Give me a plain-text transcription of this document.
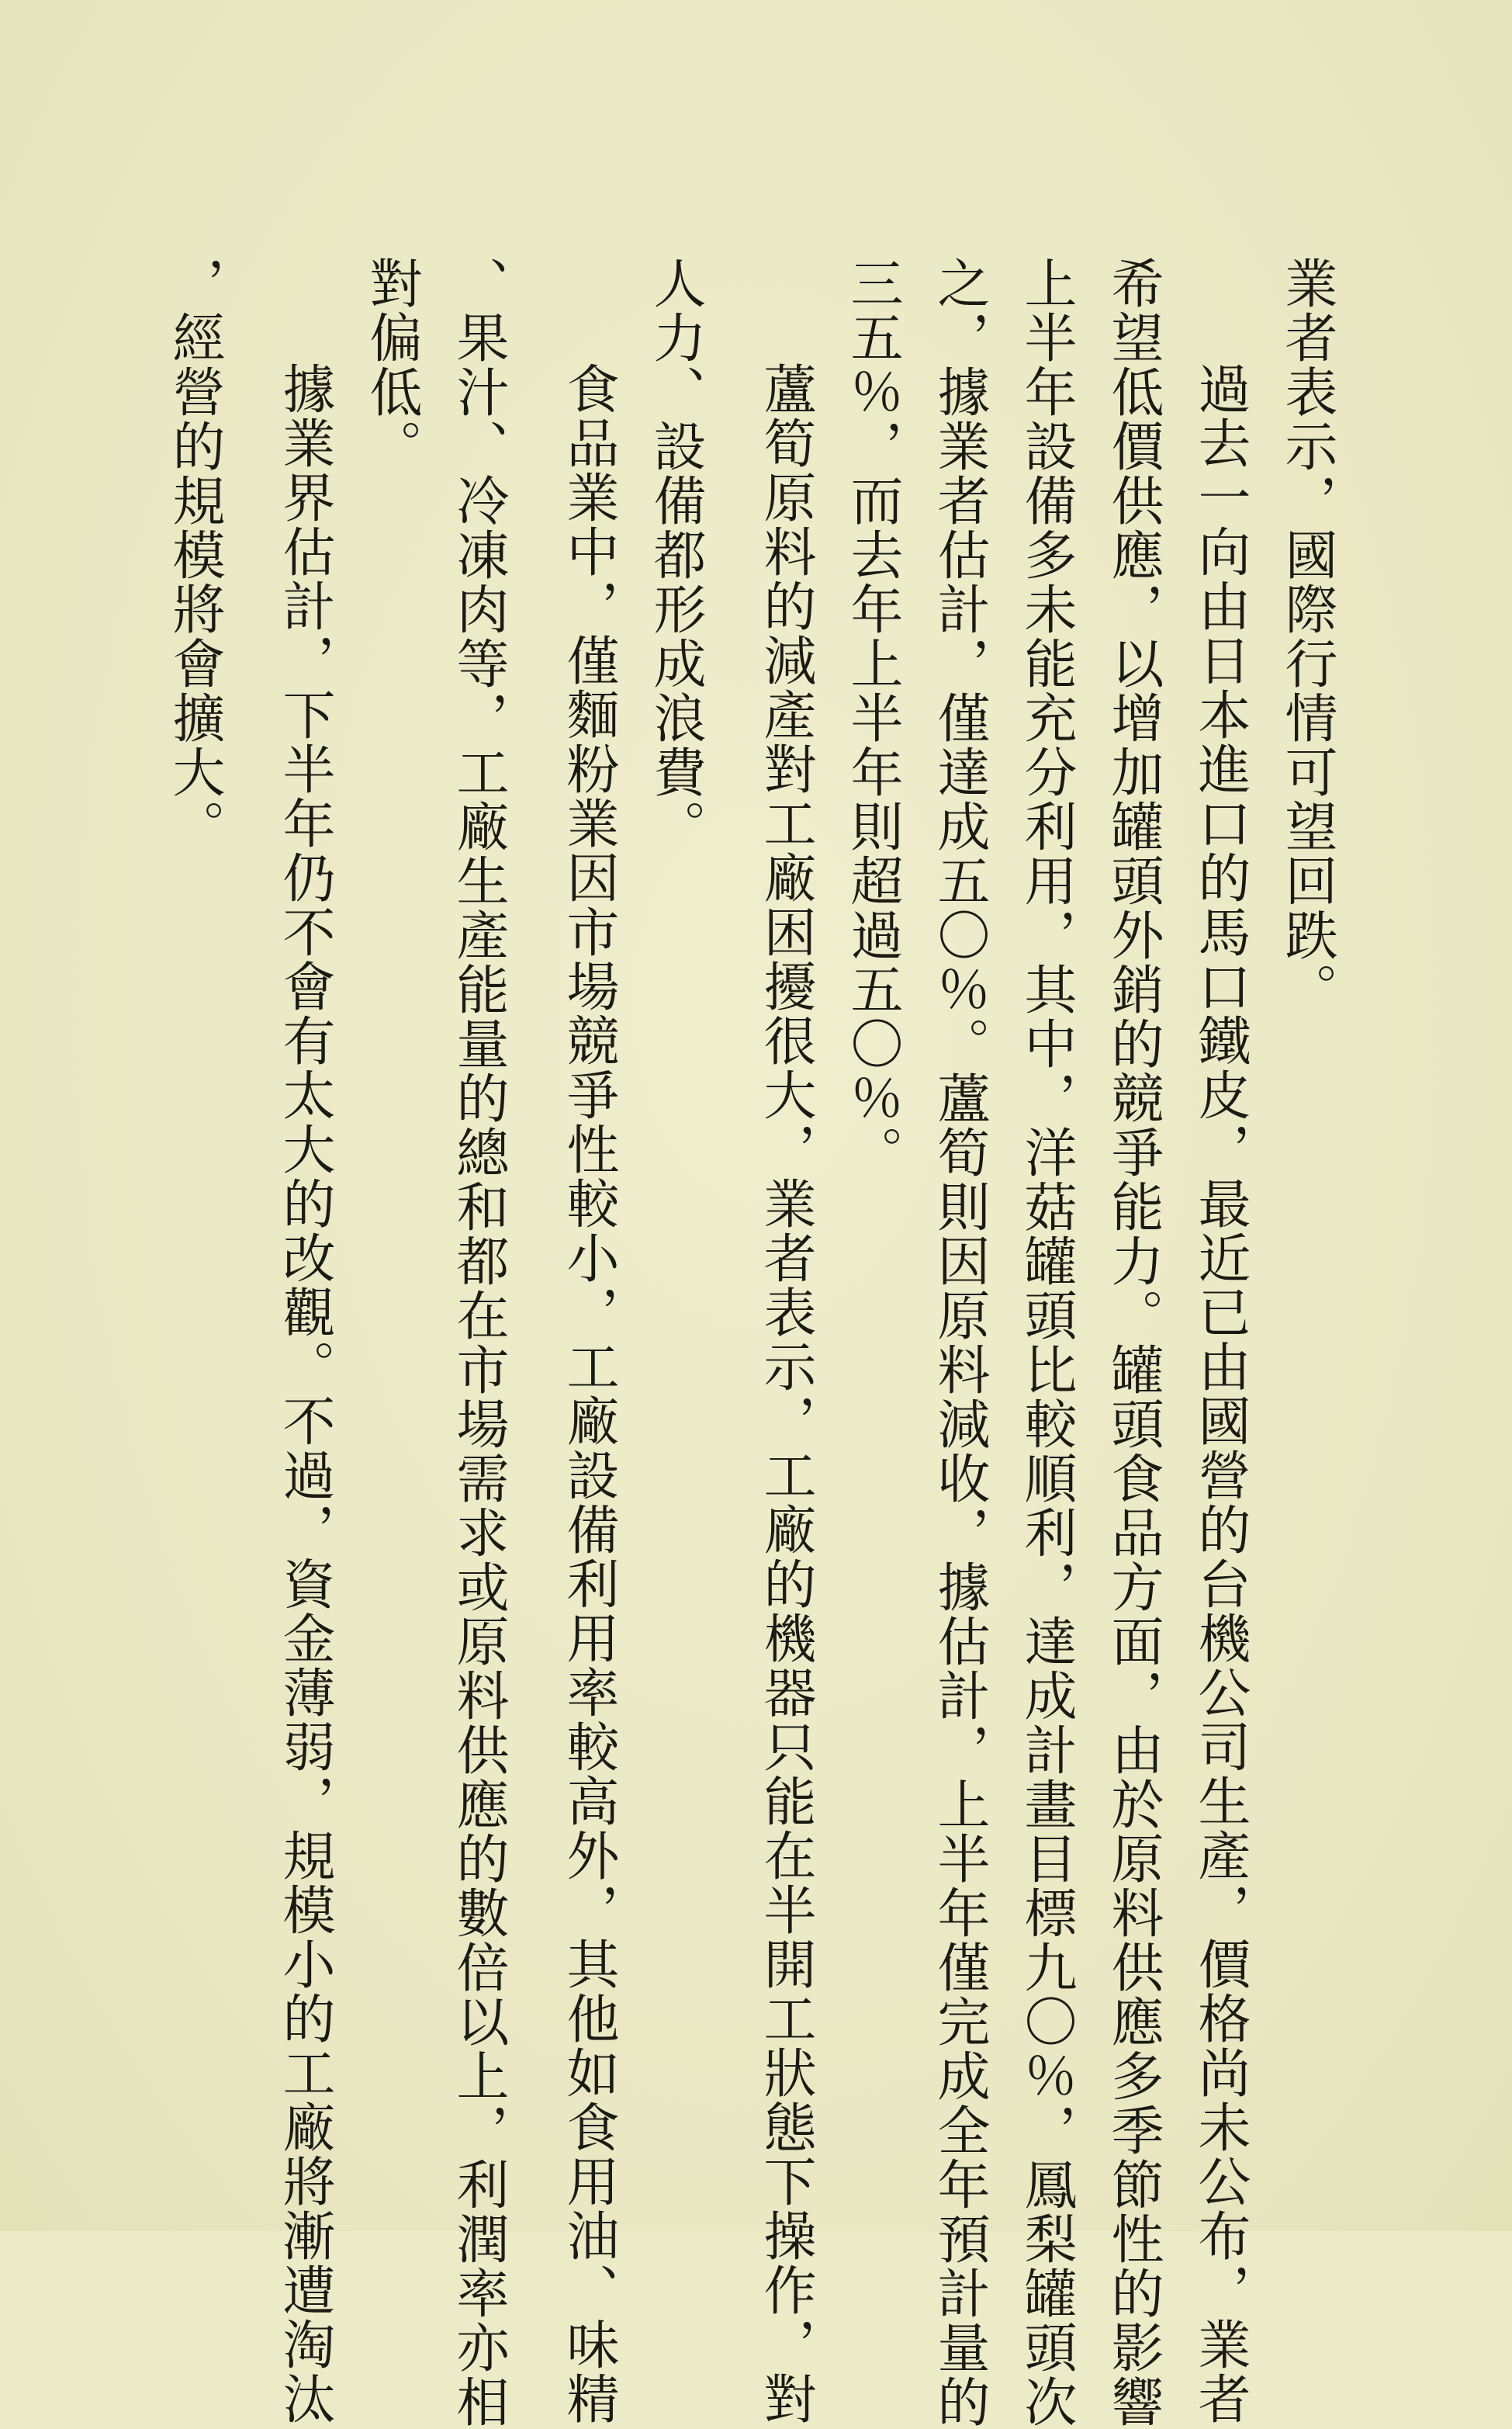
業者表示，國際行情可望回跌。
過去一向由日本進口的馬口鐵皮，最近已由國營的台機公司生產，價格尚未公布，業者
希望低價供應，以增加罐頭外銷的競爭能力。罐頭食品方面，由於原料供應多季節性的影響
上半年設備多未能充分利用，其中，洋菇罐頭比較順利，達成計畫目標九〇％，鳳梨罐頭次
之，據業者估計，僅達成五〇％。蘆筍則因原料減收，據估計，上半年僅完成全年預計量的
三五％，而去年上半年則超過五〇％。
蘆筍原料的減產對工廠困擾很大，業者表示，工廠的機器只能在半開工狀態下操作，對
人力、設備都形成浪費。
食品業中，僅麵粉業因市場競爭性較小，工廠設備利用率較高外，其他如食用油、味精
、果汁、冷凍肉等，工廠生產能量的總和都在市場需求或原料供應的數倍以上，利潤率亦相
對偏低。
據業界估計，下半年仍不會有太大的改觀。不過，資金薄弱，規模小的工廠將漸遭淘汰
，經營的規模將會擴大。
